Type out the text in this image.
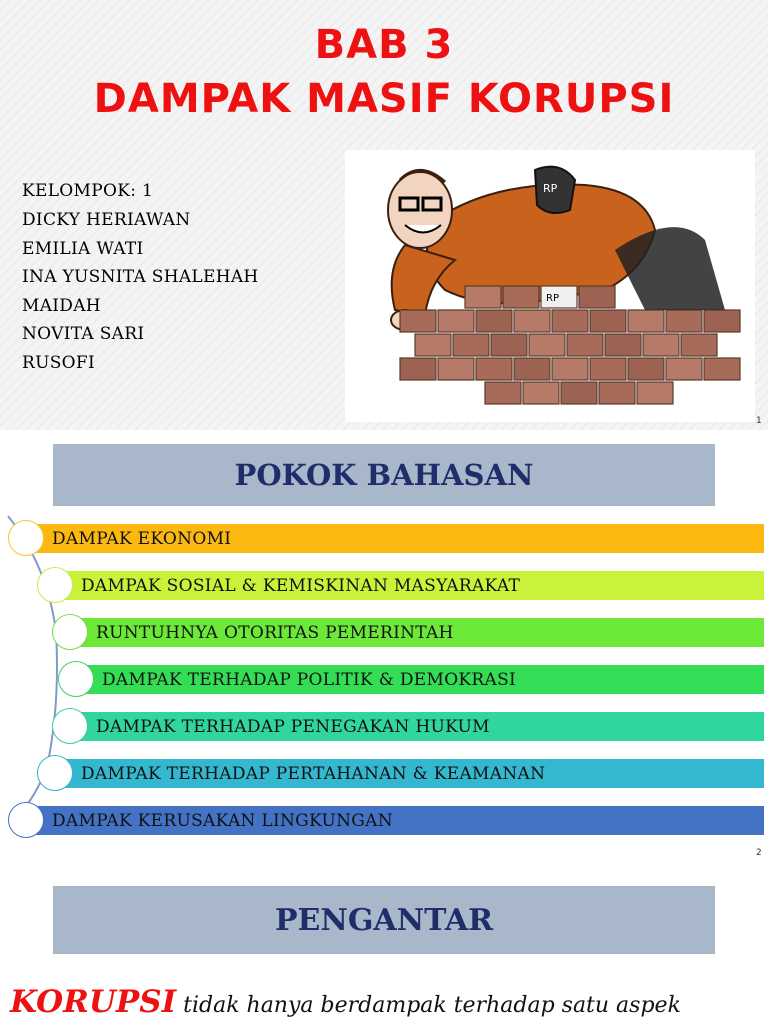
BAB 3
DAMPAK MASIF KORUPSI
KELOMPOK: 1
DICKY HERIAWAN
EMILIA WATI
INA YUSNITA SHALEHAH
MAIDAH
NOVITA SARI
RUSOFI
RP
RP
1
POKOK BAHASAN
DAMPAK EKONOMI
DAMPAK SOSIAL & KEMISKINAN MASYARAKAT
RUNTUHNYA OTORITAS PEMERINTAH
DAMPAK TERHADAP POLITIK & DEMOKRASI
DAMPAK TERHADAP PENEGAKAN HUKUM
DAMPAK TERHADAP PERTAHANAN & KEAMANAN
DAMPAK KERUSAKAN LINGKUNGAN
2
PENGANTAR
KORUPSI tidak hanya berdampak terhadap satu aspek
